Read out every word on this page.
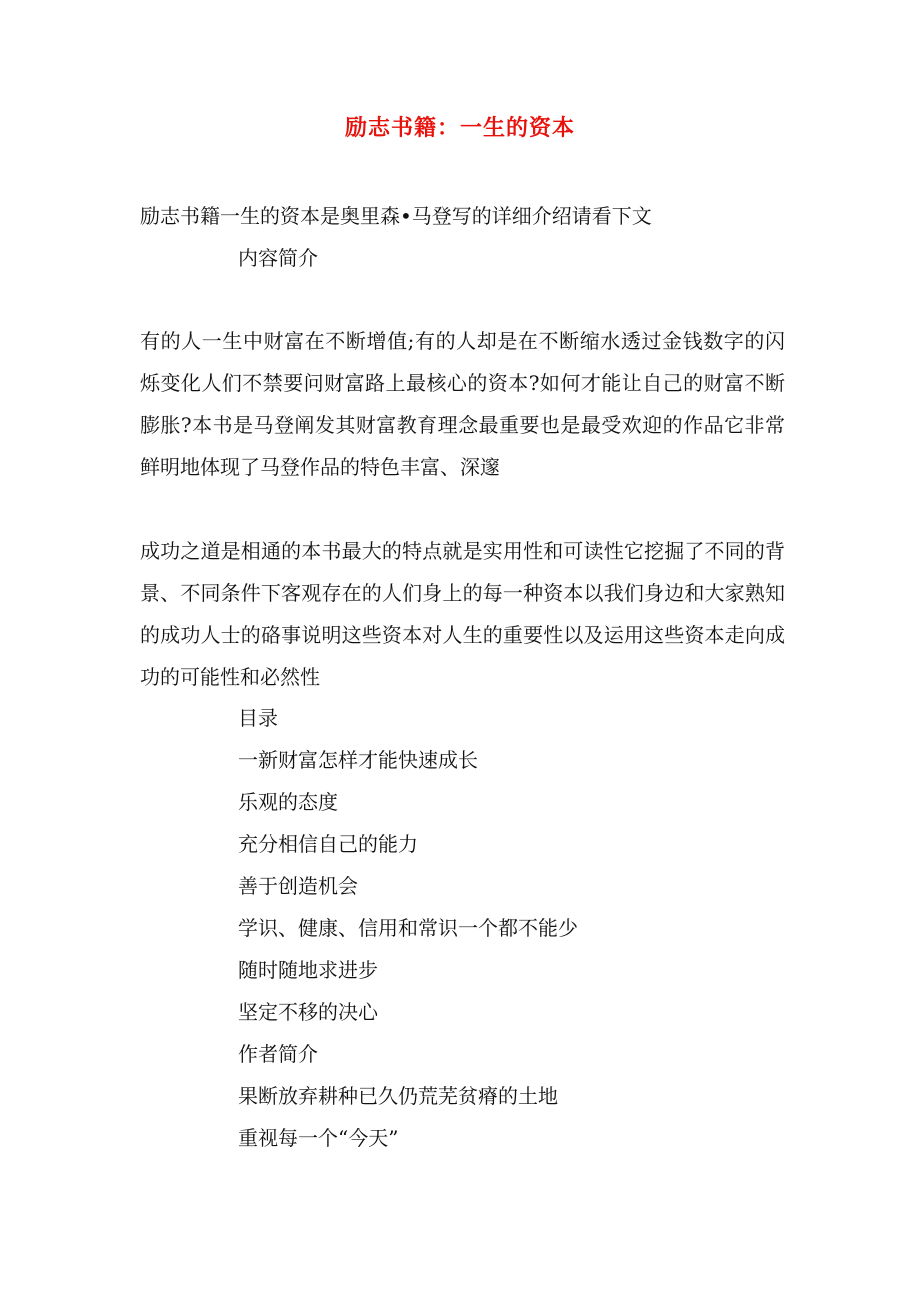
励志书籍：一生的资本
励志书籍一生的资本是奥里森•马登写的详细介绍请看下文
内容简介
有的人一生中财富在不断增值;有的人却是在不断缩水透过金钱数字的闪烁变化人们不禁要问财富路上最核心的资本?如何才能让自己的财富不断膨胀?本书是马登阐发其财富教育理念最重要也是最受欢迎的作品它非常鲜明地体现了马登作品的特色丰富、深邃
成功之道是相通的本书最大的特点就是实用性和可读性它挖掘了不同的背景、不同条件下客观存在的人们身上的每一种资本以我们身边和大家熟知的成功人士的硌事说明这些资本对人生的重要性以及运用这些资本走向成功的可能性和必然性
目录
一新财富怎样才能快速成长
乐观的态度
充分相信自己的能力
善于创造机会
学识、健康、信用和常识一个都不能少
随时随地求进步
坚定不移的决心
作者简介
果断放弃耕种已久仍荒芜贫瘠的土地
重视每一个“今天”
